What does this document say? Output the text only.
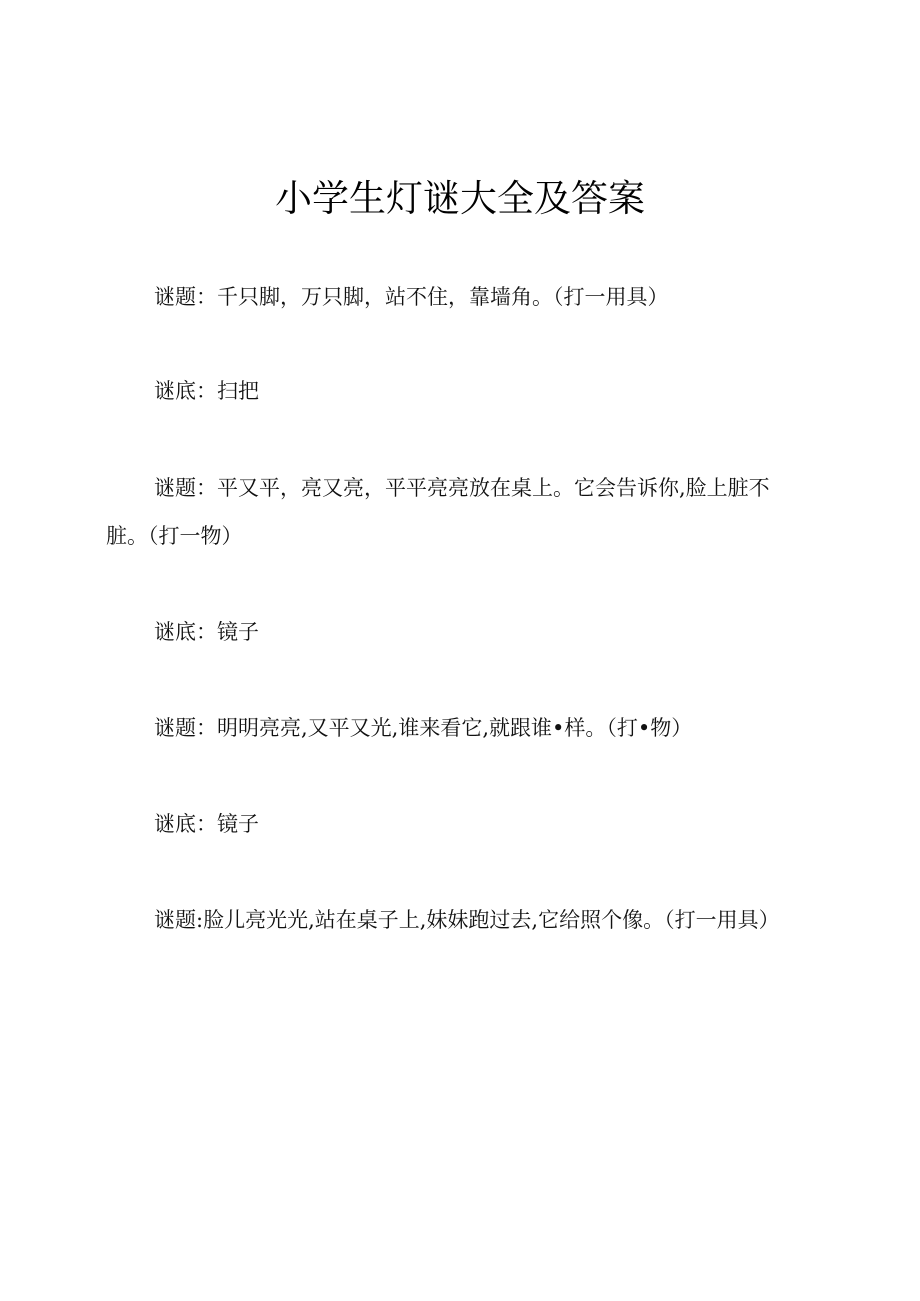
小学生灯谜大全及答案
谜题：千只脚，万只脚，站不住，靠墙角。（打一用具）
谜底：扫把
谜题：平又平，亮又亮，平平亮亮放在桌上。它会告诉你,脸上脏不脏。（打一物）
谜底：镜子
谜题：明明亮亮,又平又光,谁来看它,就跟谁•样。（打•物）
谜底：镜子
谜题:脸儿亮光光,站在桌子上,妹妹跑过去,它给照个像。（打一用具）
